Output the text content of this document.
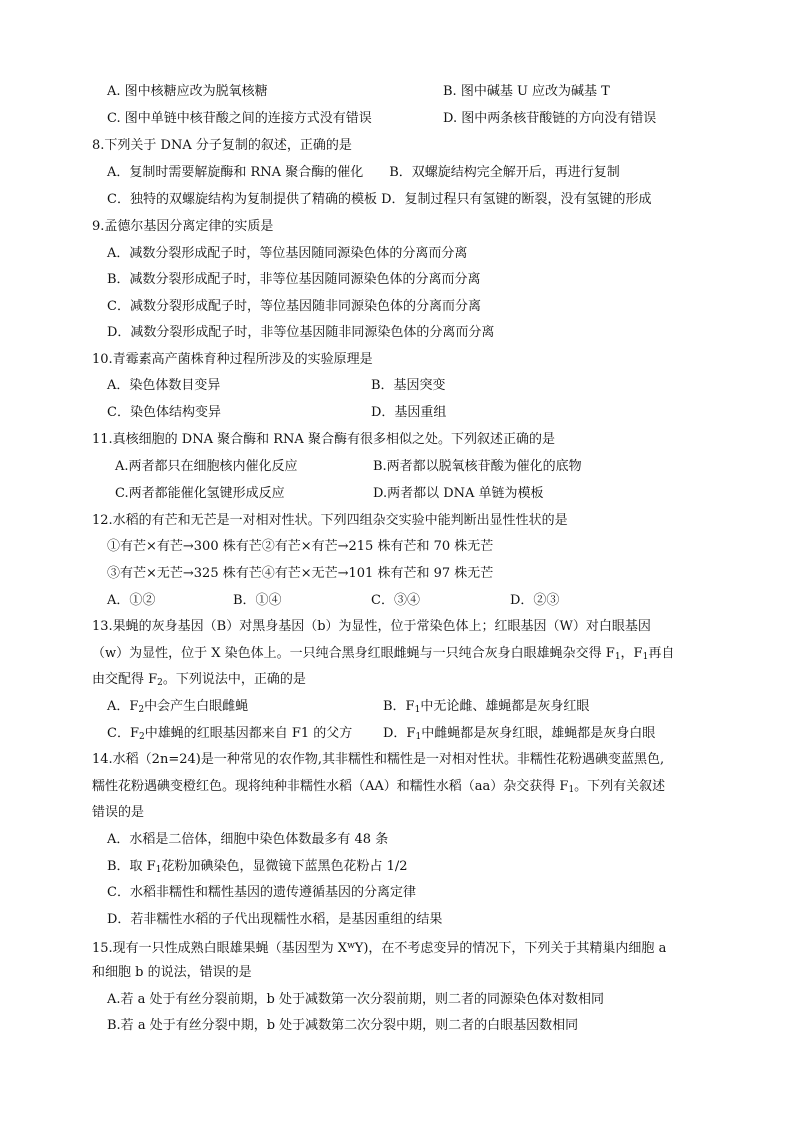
A. 图中核糖应改为脱氧核糖	B. 图中碱基 U 应改为碱基 T
C. 图中单链中核苷酸之间的连接方式没有错误	D. 图中两条核苷酸链的方向没有错误
8.下列关于 DNA 分子复制的叙述，正确的是
A．复制时需要解旋酶和 RNA 聚合酶的催化　　B．双螺旋结构完全解开后，再进行复制
C．独特的双螺旋结构为复制提供了精确的模板 D．复制过程只有氢键的断裂，没有氢键的形成
9.孟德尔基因分离定律的实质是
A．减数分裂形成配子时，等位基因随同源染色体的分离而分离
B．减数分裂形成配子时，非等位基因随同源染色体的分离而分离
C．减数分裂形成配子时，等位基因随非同源染色体的分离而分离
D．减数分裂形成配子时，非等位基因随非同源染色体的分离而分离
10.青霉素高产菌株育种过程所涉及的实验原理是
A．染色体数目变异	B．基因突变
C．染色体结构变异	D．基因重组
11.真核细胞的 DNA 聚合酶和 RNA 聚合酶有很多相似之处。下列叙述正确的是
A.两者都只在细胞核内催化反应	B.两者都以脱氧核苷酸为催化的底物
C.两者都能催化氢键形成反应	D.两者都以 DNA 单链为模板
12.水稻的有芒和无芒是一对相对性状。下列四组杂交实验中能判断出显性性状的是
①有芒×有芒→300 株有芒②有芒×有芒→215 株有芒和 70 株无芒
③有芒×无芒→325 株有芒④有芒×无芒→101 株有芒和 97 株无芒
A．①②	B．①④	C．③④	D．②③
13.果蝇的灰身基因（B）对黑身基因（b）为显性，位于常染色体上；红眼基因（W）对白眼基因
（w）为显性，位于 X 染色体上。一只纯合黑身红眼雌蝇与一只纯合灰身白眼雄蝇杂交得 $F_1$，$F_1$再自
由交配得 $F_2$。下列说法中，正确的是
A．$F_2$中会产生白眼雌蝇	B．$F_1$中无论雌、雄蝇都是灰身红眼
C．$F_2$中雄蝇的红眼基因都来自 F1 的父方 D．$F_1$中雌蝇都是灰身红眼，雄蝇都是灰身白眼
14.水稻（2n=24)是一种常见的农作物,其非糯性和糯性是一对相对性状。非糯性花粉遇碘变蓝黑色,
糯性花粉遇碘变橙红色。现将纯种非糯性水稻（AA）和糯性水稻（aa）杂交获得 $F_1$。下列有关叙述
错误的是
A．水稻是二倍体，细胞中染色体数最多有 48 条
B．取 $F_1$花粉加碘染色，显微镜下蓝黑色花粉占 1/2
C．水稻非糯性和糯性基因的遗传遵循基因的分离定律
D．若非糯性水稻的子代出现糯性水稻，是基因重组的结果
15.现有一只性成熟白眼雄果蝇（基因型为 $X^wY$)，在不考虑变异的情况下，下列关于其精巢内细胞 a
和细胞 b 的说法，错误的是
A.若 a 处于有丝分裂前期，b 处于减数第一次分裂前期，则二者的同源染色体对数相同
B.若 a 处于有丝分裂中期，b 处于减数第二次分裂中期，则二者的白眼基因数相同
